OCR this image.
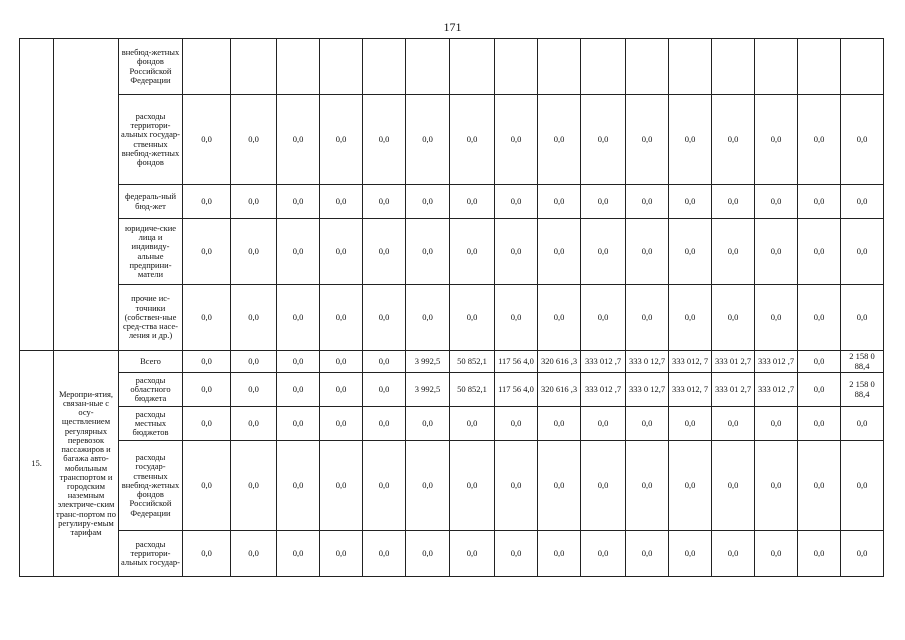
171
		внебюд-жетных фондов Российской Федерации																
		расходы территори-альных государ-ственных внебюд-жетных фондов	0,0	0,0	0,0	0,0	0,0	0,0	0,0	0,0	0,0	0,0	0,0	0,0	0,0	0,0	0,0	0,0
		федераль-ный бюд-жет	0,0	0,0	0,0	0,0	0,0	0,0	0,0	0,0	0,0	0,0	0,0	0,0	0,0	0,0	0,0	0,0
		юридиче-ские лица и индивиду-альные предприни-матели	0,0	0,0	0,0	0,0	0,0	0,0	0,0	0,0	0,0	0,0	0,0	0,0	0,0	0,0	0,0	0,0
		прочие ис-точники (собствен-ные сред-ства насе-ления и др.)	0,0	0,0	0,0	0,0	0,0	0,0	0,0	0,0	0,0	0,0	0,0	0,0	0,0	0,0	0,0	0,0
15.	Меропри-ятия, связан-ные с осу-ществлением регулярных перевозок пассажиров и багажа авто-мобильным транспортом и городским наземным электриче-ским транс-портом по регулиру-емым тарифам	Всего	0,0	0,0	0,0	0,0	0,0	3 992,5	50 852,1	117 56 4,0	320 616 ,3	333 012 ,7	333 0 12,7	333 012, 7	333 01 2,7	333 012 ,7	0,0	2 158 0 88,4
		расходы областного бюджета	0,0	0,0	0,0	0,0	0,0	3 992,5	50 852,1	117 56 4,0	320 616 ,3	333 012 ,7	333 0 12,7	333 012, 7	333 01 2,7	333 012 ,7	0,0	2 158 0 88,4
		расходы местных бюджетов	0,0	0,0	0,0	0,0	0,0	0,0	0,0	0,0	0,0	0,0	0,0	0,0	0,0	0,0	0,0	0,0
		расходы государ-ственных внебюд-жетных фондов Российской Федерации	0,0	0,0	0,0	0,0	0,0	0,0	0,0	0,0	0,0	0,0	0,0	0,0	0,0	0,0	0,0	0,0
		расходы территори-альных государ-	0,0	0,0	0,0	0,0	0,0	0,0	0,0	0,0	0,0	0,0	0,0	0,0	0,0	0,0	0,0	0,0
